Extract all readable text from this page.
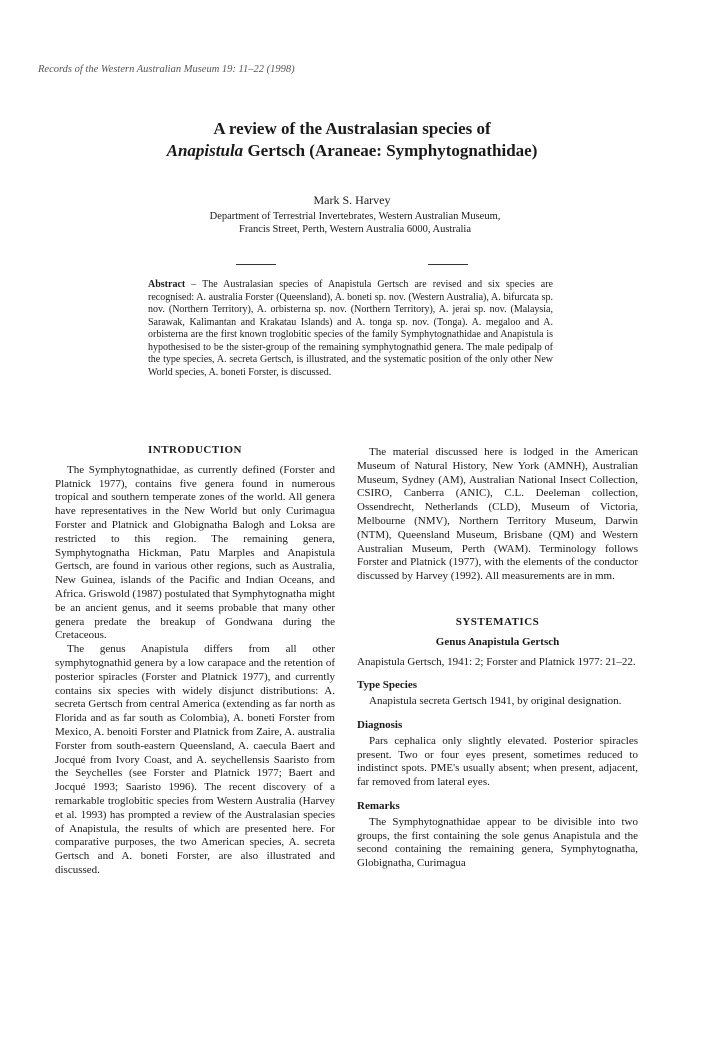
Records of the Western Australian Museum 19: 11–22 (1998)
A review of the Australasian species of
Anapistula Gertsch (Araneae: Symphytognathidae)
Mark S. Harvey
Department of Terrestrial Invertebrates, Western Australian Museum,
Francis Street, Perth, Western Australia 6000, Australia
Abstract – The Australasian species of Anapistula Gertsch are revised and six species are recognised: A. australia Forster (Queensland), A. boneti sp. nov. (Western Australia), A. bifurcata sp. nov. (Northern Territory), A. orbisterna sp. nov. (Northern Territory), A. jerai sp. nov. (Malaysia, Sarawak, Kalimantan and Krakatau Islands) and A. tonga sp. nov. (Tonga). A. megaloo and A. orbisterna are the first known troglobitic species of the family Symphytognathidae and Anapistula is hypothesised to be the sister-group of the remaining symphytognathid genera. The male pedipalp of the type species, A. secreta Gertsch, is illustrated, and the systematic position of the only other New World species, A. boneti Forster, is discussed.
INTRODUCTION

The Symphytognathidae, as currently defined (Forster and Platnick 1977), contains five genera found in numerous tropical and southern temperate zones of the world. All genera have representatives in the New World but only Curimagua Forster and Platnick and Globignatha Balogh and Loksa are restricted to this region. The remaining genera, Symphytognatha Hickman, Patu Marples and Anapistula Gertsch, are found in various other regions, such as Australia, New Guinea, islands of the Pacific and Indian Oceans, and Africa. Griswold (1987) postulated that Symphytognatha might be an ancient genus, and it seems probable that many other genera predate the breakup of Gondwana during the Cretaceous.

The genus Anapistula differs from all other symphytognathid genera by a low carapace and the retention of posterior spiracles (Forster and Platnick 1977), and currently contains six species with widely disjunct distributions: A. secreta Gertsch from central America (extending as far north as Florida and as far south as Colombia), A. boneti Forster from Mexico, A. benoiti Forster and Platnick from Zaire, A. australia Forster from south-eastern Queensland, A. caecula Baert and Jocqué from Ivory Coast, and A. seychellensis Saaristo from the Seychelles (see Forster and Platnick 1977; Baert and Jocqué 1993; Saaristo 1996). The recent discovery of a remarkable troglobitic species from Western Australia (Harvey et al. 1993) has prompted a review of the Australasian species of Anapistula, the results of which are presented here. For comparative purposes, the two American species, A. secreta Gertsch and A. boneti Forster, are also illustrated and discussed.

The material discussed here is lodged in the American Museum of Natural History, New York (AMNH), Australian Museum, Sydney (AM), Australian National Insect Collection, CSIRO, Canberra (ANIC), C.L. Deeleman collection, Ossendrecht, Netherlands (CLD), Museum of Victoria, Melbourne (NMV), Northern Territory Museum, Darwin (NTM), Queensland Museum, Brisbane (QM) and Western Australian Museum, Perth (WAM). Terminology follows Forster and Platnick (1977), with the elements of the conductor discussed by Harvey (1992). All measurements are in mm.

SYSTEMATICS
Genus Anapistula Gertsch

Anapistula Gertsch, 1941: 2; Forster and Platnick 1977: 21–22.

Type Species

Anapistula secreta Gertsch 1941, by original designation.

Diagnosis

Pars cephalica only slightly elevated. Posterior spiracles present. Two or four eyes present, sometimes reduced to indistinct spots. PME's usually absent; when present, adjacent, far removed from lateral eyes.

Remarks

The Symphytognathidae appear to be divisible into two groups, the first containing the sole genus Anapistula and the second containing the remaining genera, Symphytognatha, Globignatha, Curimagua
